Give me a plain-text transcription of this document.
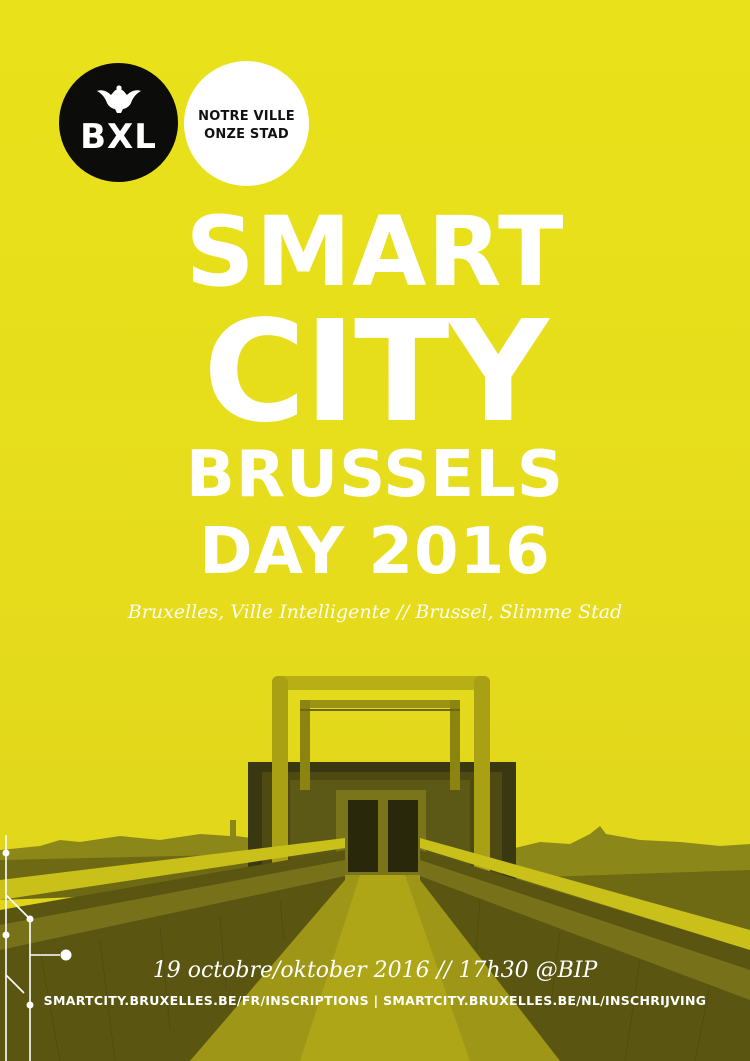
BXL
NOTRE VILLE
ONZE STAD
SMART
CITY
BRUSSELS
DAY 2016
Bruxelles, Ville Intelligente // Brussel, Slimme Stad
19 octobre/oktober 2016 // 17h30 @BIP
SMARTCITY.BRUXELLES.BE/FR/INSCRIPTIONS | SMARTCITY.BRUXELLES.BE/NL/INSCHRIJVING
